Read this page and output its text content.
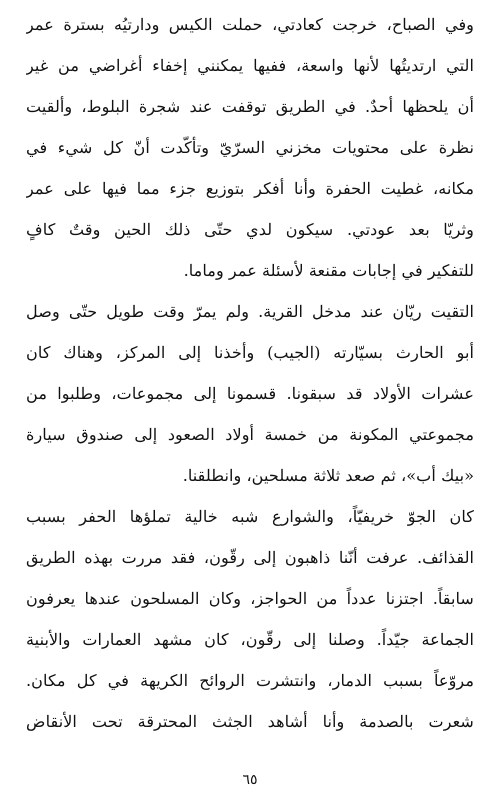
وفي الصباح، خرجت كعادتي، حملت الكيس ودارتيُه بسترة عمر
التي ارتديتُها لأنها واسعة، ففيها يمكنني إخفاء أغراضي من غير
أن يلحظها أحدٌ. في الطريق توقفت عند شجرة البلوط، وألقيت
نظرة على محتويات مخزني السرّيّ وتأكّدت أنّ كل شيء في
مكانه، غطيت الحفرة وأنا أفكر بتوزيع جزء مما فيها على عمر
وثريّا بعد عودتي. سيكون لدي حتّى ذلك الحين وقتٌ كافٍ
للتفكير في إجابات مقنعة لأسئلة عمر وماما.
التقيت ريّان عند مدخل القرية. ولم يمرّ وقت طويل حتّى وصل
أبو الحارث بسيّارته (الجيب) وأخذنا إلى المركز، وهناك كان
عشرات الأولاد قد سبقونا. قسمونا إلى مجموعات، وطلبوا من
مجموعتي المكونة من خمسة أولاد الصعود إلى صندوق سيارة
«بيك أب»، ثم صعد ثلاثة مسلحين، وانطلقنا.
كان الجوّ خريفيّاً، والشوارع شبه خالية تملؤها الحفر بسبب
القذائف. عرفت أنّنا ذاهبون إلى رقّون، فقد مررت بهذه الطريق
سابقاً. اجتزنا عدداً من الحواجز، وكان المسلحون عندها يعرفون
الجماعة جيّداً. وصلنا إلى رقّون، كان مشهد العمارات والأبنية
مروّعاً بسبب الدمار، وانتشرت الروائح الكريهة في كل مكان.
شعرت بالصدمة وأنا أشاهد الجثث المحترقة تحت الأنقاض
٦٥
